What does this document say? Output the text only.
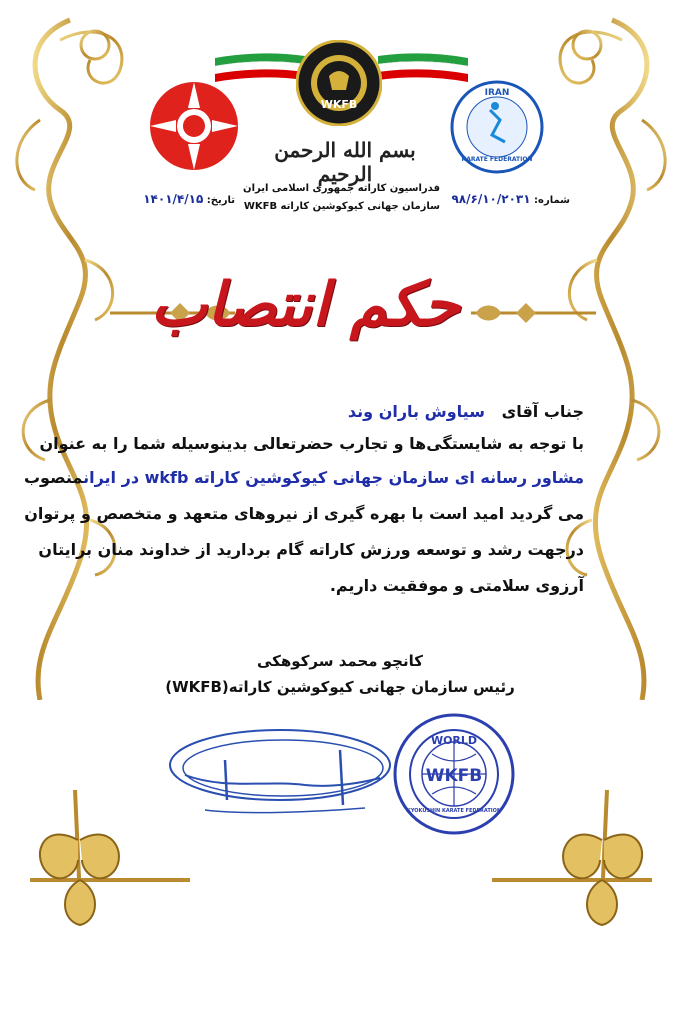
WKFB
IRAN
KARATE FEDERATION
بسم الله الرحمن الرحیم
فدراسیون کاراته جمهوری اسلامی ایران
سازمان جهانی کیوکوشین کاراته WKFB
شماره: ۹۸/۶/۱۰/۲۰۳۱
تاریخ: ۱۴۰۱/۴/۱۵
حکم انتصاب
جناب آقای   سیاوش باران وند
با توجه به شایستگی‌ها و تجارب حضرتعالی بدینوسیله شما را به عنوان
مشاور رسانه ای سازمان جهانی کیوکوشین کاراته wkfb در ایرانمنصوب
می گردید امید است با بهره گیری از نیروهای متعهد و متخصص و پرتوان
درجهت رشد و توسعه ورزش کاراته گام بردارید از خداوند منان برایتان
آرزوی سلامتی و موفقیت داریم.
کانچو محمد سرکوهکی
رئیس سازمان جهانی کیوکوشین کاراته(WKFB)
WORLD
WKFB
KYOKUSHIN KARATE FEDERATION
